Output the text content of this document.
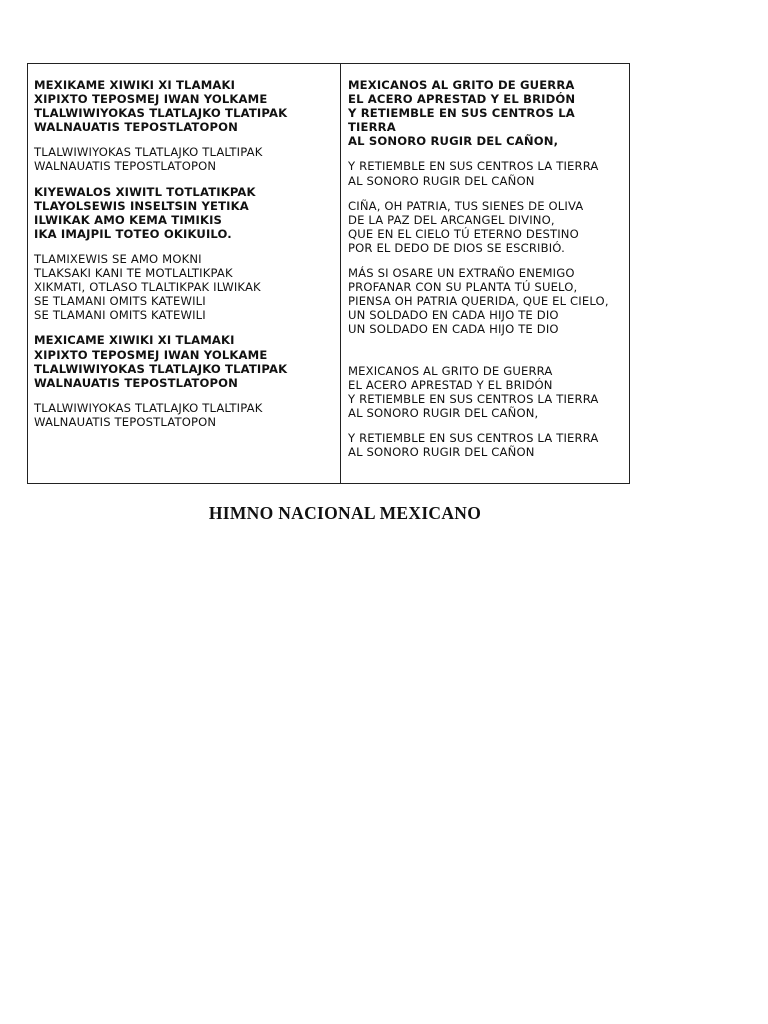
MEXIKAME XIWIKI XI TLAMAKI
XIPIXTO TEPOSMEJ IWAN YOLKAME
TLALWIWIYOKAS TLATLAJKO TLATIPAK
WALNAUATIS TEPOSTLATOPON
TLALWIWIYOKAS TLATLAJKO TLALTIPAK
WALNAUATIS TEPOSTLATOPON
KIYEWALOS XIWITL TOTLATIKPAK
TLAYOLSEWIS INSELTSIN YETIKA
ILWIKAK AMO KEMA TIMIKIS
IKA IMAJPIL TOTEO OKIKUILO.
TLAMIXEWIS SE AMO MOKNI
TLAKSAKI KANI TE MOTLALTIKPAK
XIKMATI, OTLASO TLALTIKPAK ILWIKAK
SE TLAMANI OMITS KATEWILI
SE TLAMANI OMITS KATEWILI
MEXICAME XIWIKI XI TLAMAKI
XIPIXTO TEPOSMEJ IWAN YOLKAME
TLALWIWIYOKAS TLATLAJKO TLATIPAK
WALNAUATIS TEPOSTLATOPON
TLALWIWIYOKAS TLATLAJKO TLALTIPAK
WALNAUATIS TEPOSTLATOPON
MEXICANOS AL GRITO DE GUERRA
EL ACERO APRESTAD Y EL BRIDÓN
Y RETIEMBLE EN SUS CENTROS LA TIERRA
AL SONORO RUGIR DEL CAÑON,
Y RETIEMBLE EN SUS CENTROS LA TIERRA
AL SONORO RUGIR DEL CAÑON
CIÑA, OH PATRIA, TUS SIENES DE OLIVA
DE LA PAZ DEL ARCANGEL DIVINO,
QUE EN EL CIELO TÚ ETERNO DESTINO
POR EL DEDO DE DIOS SE ESCRIBIÓ.
MÁS SI OSARE UN EXTRAÑO ENEMIGO
PROFANAR CON SU PLANTA TÚ SUELO,
PIENSA OH PATRIA QUERIDA, QUE EL CIELO,
UN SOLDADO EN CADA HIJO TE DIO
UN SOLDADO EN CADA HIJO TE DIO
MEXICANOS AL GRITO DE GUERRA
EL ACERO APRESTAD Y EL BRIDÓN
Y RETIEMBLE EN SUS CENTROS LA TIERRA
AL SONORO RUGIR DEL CAÑON,
Y RETIEMBLE EN SUS CENTROS LA TIERRA
AL SONORO RUGIR DEL CAÑON
HIMNO NACIONAL MEXICANO
